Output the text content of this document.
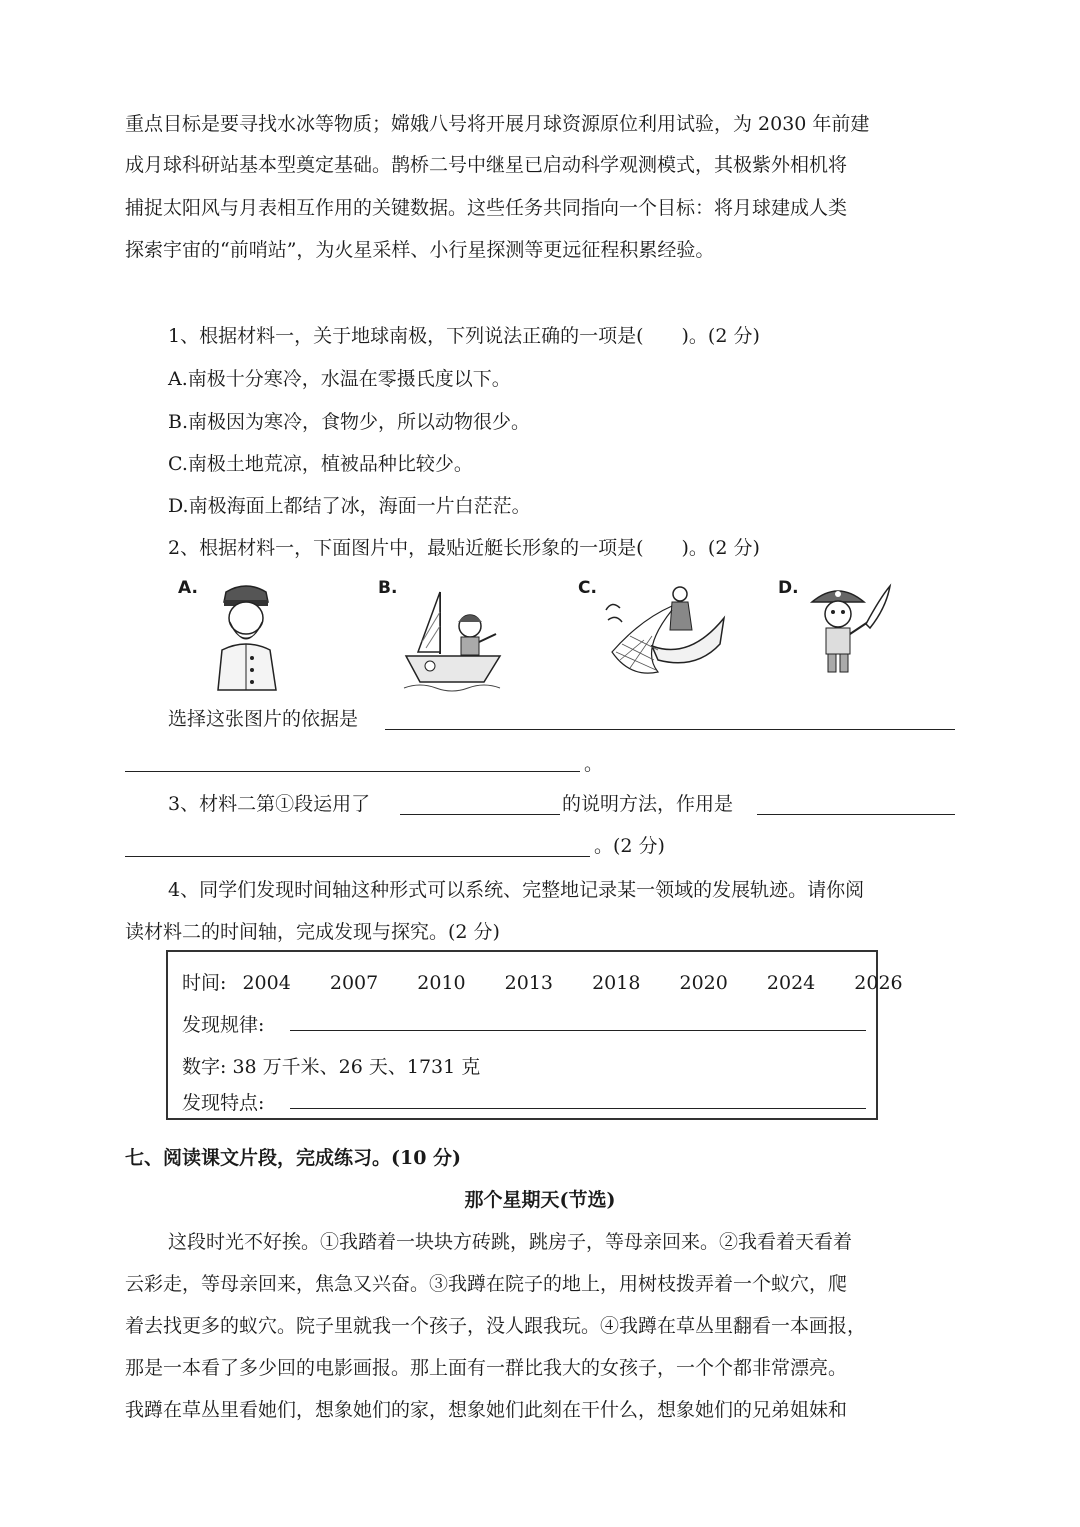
重点目标是要寻找水冰等物质；嫦娥八号将开展月球资源原位利用试验，为 2030 年前建
成月球科研站基本型奠定基础。鹊桥二号中继星已启动科学观测模式，其极紫外相机将
捕捉太阳风与月表相互作用的关键数据。这些任务共同指向一个目标：将月球建成人类
探索宇宙的“前哨站”，为火星采样、小行星探测等更远征程积累经验。
1、根据材料一，关于地球南极，下列说法正确的一项是(　　)。(2 分)
A.南极十分寒冷，水温在零摄氏度以下。
B.南极因为寒冷，食物少，所以动物很少。
C.南极土地荒凉，植被品种比较少。
D.南极海面上都结了冰，海面一片白茫茫。
2、根据材料一，下面图片中，最贴近艇长形象的一项是(　　)。(2 分)
A.	B.	C.	D.
选择这张图片的依据是
。
3、材料二第①段运用了	的说明方法，作用是
。(2 分)
4、同学们发现时间轴这种形式可以系统、完整地记录某一领域的发展轨迹。请你阅
读材料二的时间轴，完成发现与探究。(2 分)
时间: 2004 2007 2010 2013 2018 2020 2024 2026
发现规律:
数字: 38 万千米、26 天、1731 克
发现特点:
七、阅读课文片段，完成练习。(10 分)
那个星期天(节选)
这段时光不好挨。①我踏着一块块方砖跳，跳房子，等母亲回来。②我看着天看着
云彩走，等母亲回来，焦急又兴奋。③我蹲在院子的地上，用树枝拨弄着一个蚁穴，爬
着去找更多的蚁穴。院子里就我一个孩子，没人跟我玩。④我蹲在草丛里翻看一本画报，
那是一本看了多少回的电影画报。那上面有一群比我大的女孩子，一个个都非常漂亮。
我蹲在草丛里看她们，想象她们的家，想象她们此刻在干什么，想象她们的兄弟姐妹和
